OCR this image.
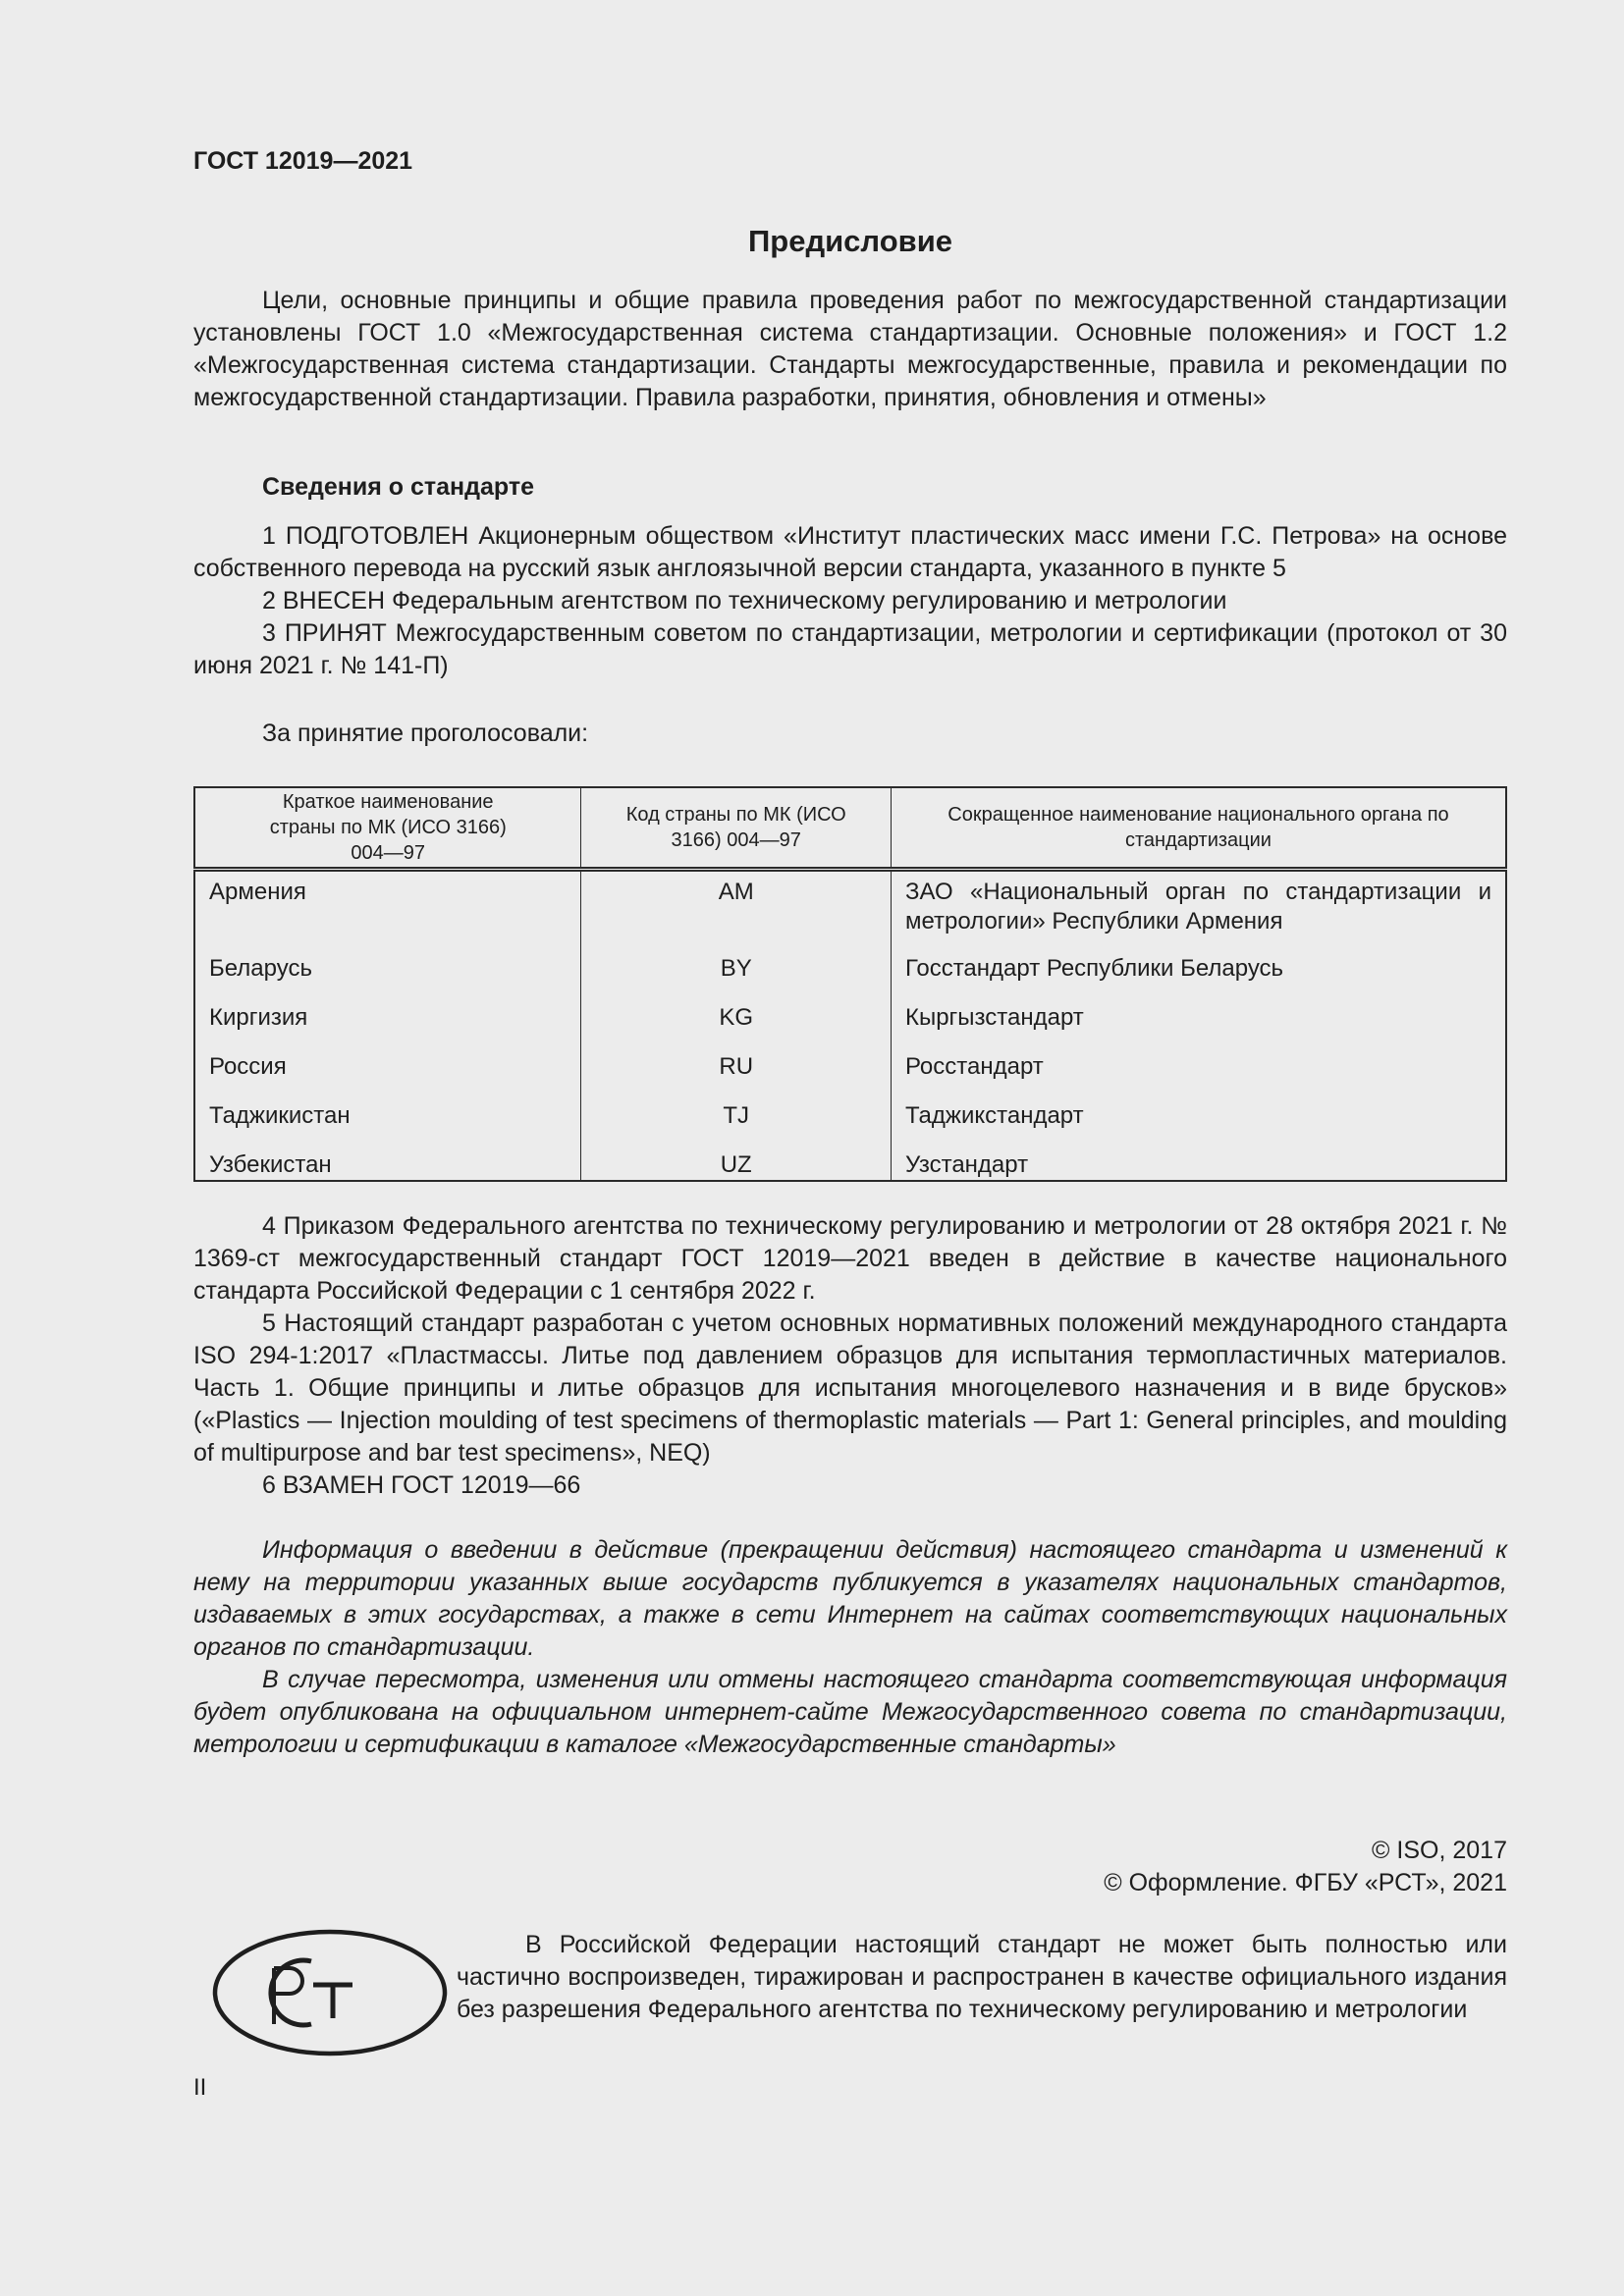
ГОСТ 12019—2021
Предисловие

Цели, основные принципы и общие правила проведения работ по межгосударственной стандартизации установлены ГОСТ 1.0 «Межгосударственная система стандартизации. Основные положения» и ГОСТ 1.2 «Межгосударственная система стандартизации. Стандарты межгосударственные, правила и рекомендации по межгосударственной стандартизации. Правила разработки, принятия, обновления и отмены»

Сведения о стандарте

1 ПОДГОТОВЛЕН Акционерным обществом «Институт пластических масс имени Г.С. Петрова» на основе собственного перевода на русский язык англоязычной версии стандарта, указанного в пункте 5

2 ВНЕСЕН Федеральным агентством по техническому регулированию и метрологии

3 ПРИНЯТ Межгосударственным советом по стандартизации, метрологии и сертификации (протокол от 30 июня 2021 г. № 141-П)

За принятие проголосовали:

Краткое наименование страны по МК (ИСО 3166) 004—97	Код страны по МК (ИСО 3166) 004—97	Сокращенное наименование национального органа по стандартизации

Армения	AM	ЗАО «Национальный орган по стандартизации и метрологии» Республики Армения
Беларусь	BY	Госстандарт Республики Беларусь
Киргизия	KG	Кыргызстандарт
Россия	RU	Росстандарт
Таджикистан	TJ	Таджикстандарт
Узбекистан	UZ	Узстандарт

4 Приказом Федерального агентства по техническому регулированию и метрологии от 28 октября 2021 г. № 1369-ст межгосударственный стандарт ГОСТ 12019—2021 введен в действие в качестве национального стандарта Российской Федерации с 1 сентября 2022 г.

5 Настоящий стандарт разработан с учетом основных нормативных положений международного стандарта ISO 294-1:2017 «Пластмассы. Литье под давлением образцов для испытания термопластичных материалов. Часть 1. Общие принципы и литье образцов для испытания многоцелевого назначения и в виде брусков» («Plastics — Injection moulding of test specimens of thermoplastic materials — Part 1: General principles, and moulding of multipurpose and bar test specimens», NEQ)

6 ВЗАМЕН ГОСТ 12019—66

Информация о введении в действие (прекращении действия) настоящего стандарта и изменений к нему на территории указанных выше государств публикуется в указателях национальных стандартов, издаваемых в этих государствах, а также в сети Интернет на сайтах соответствующих национальных органов по стандартизации.

В случае пересмотра, изменения или отмены настоящего стандарта соответствующая информация будет опубликована на официальном интернет-сайте Межгосударственного совета по стандартизации, метрологии и сертификации в каталоге «Межгосударственные стандарты»

© ISO, 2017
© Оформление. ФГБУ «РСТ», 2021

В Российской Федерации настоящий стандарт не может быть полностью или частично воспроизведен, тиражирован и распространен в качестве официального издания без разрешения Федерального агентства по техническому регулированию и метрологии

II
